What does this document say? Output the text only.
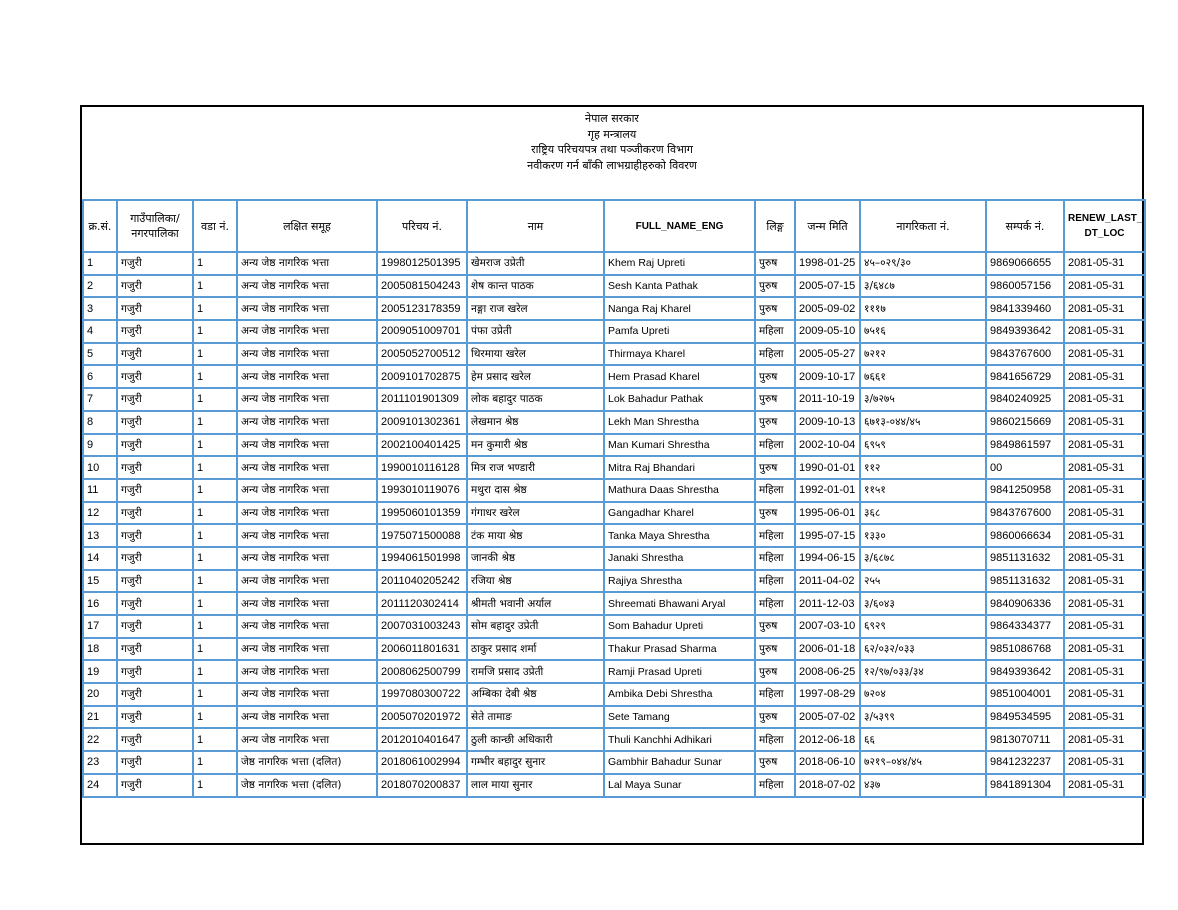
नेपाल सरकार
गृह मन्त्रालय
राष्ट्रिय परिचयपत्र तथा पञ्जीकरण विभाग
नवीकरण गर्न बाँकी लाभग्राहीहरुको विवरण
क्र.सं.	गाउँपालिका/ नगरपालिका	वडा नं.	लक्षित समूह	परिचय नं.	नाम	FULL_NAME_ENG	लिङ्ग	जन्म मिति	नागरिकता नं.	सम्पर्क नं.	RENEW_LAST_ DT_LOC
1	गजुरी	1	अन्य जेष्ठ नागरिक भत्ता	1998012501395	खेमराज उप्रेती	Khem Raj Upreti	पुरुष	1998-01-25	४५–०२९/३०	9869066655	2081-05-31
2	गजुरी	1	अन्य जेष्ठ नागरिक भत्ता	2005081504243	शेष कान्त पाठक	Sesh Kanta Pathak	पुरुष	2005-07-15	३/६४८७	9860057156	2081-05-31
3	गजुरी	1	अन्य जेष्ठ नागरिक भत्ता	2005123178359	नङ्गा राज खरेल	Nanga Raj Kharel	पुरुष	2005-09-02	१११७	9841339460	2081-05-31
4	गजुरी	1	अन्य जेष्ठ नागरिक भत्ता	2009051009701	पंफा उप्रेती	Pamfa Upreti	महिला	2009-05-10	७५१६	9849393642	2081-05-31
5	गजुरी	1	अन्य जेष्ठ नागरिक भत्ता	2005052700512	थिरमाया खरेल	Thirmaya Kharel	महिला	2005-05-27	७२१२	9843767600	2081-05-31
6	गजुरी	1	अन्य जेष्ठ नागरिक भत्ता	2009101702875	हेम प्रसाद खरेल	Hem Prasad Kharel	पुरुष	2009-10-17	७६६१	9841656729	2081-05-31
7	गजुरी	1	अन्य जेष्ठ नागरिक भत्ता	2011101901309	लोक बहादुर पाठक	Lok Bahadur Pathak	पुरुष	2011-10-19	३/७२७५	9840240925	2081-05-31
8	गजुरी	1	अन्य जेष्ठ नागरिक भत्ता	2009101302361	लेखमान श्रेष्ठ	Lekh Man Shrestha	पुरुष	2009-10-13	६७१३-०४४/४५	9860215669	2081-05-31
9	गजुरी	1	अन्य जेष्ठ नागरिक भत्ता	2002100401425	मन कुमारी श्रेष्ठ	Man Kumari Shrestha	महिला	2002-10-04	६९५९	9849861597	2081-05-31
10	गजुरी	1	अन्य जेष्ठ नागरिक भत्ता	1990010116128	मित्र राज भण्डारी	Mitra Raj Bhandari	पुरुष	1990-01-01	११२	00	2081-05-31
11	गजुरी	1	अन्य जेष्ठ नागरिक भत्ता	1993010119076	मथुरा दास श्रेष्ठ	Mathura Daas Shrestha	महिला	1992-01-01	११५१	9841250958	2081-05-31
12	गजुरी	1	अन्य जेष्ठ नागरिक भत्ता	1995060101359	गंगाधर खरेल	Gangadhar Kharel	पुरुष	1995-06-01	३६८	9843767600	2081-05-31
13	गजुरी	1	अन्य जेष्ठ नागरिक भत्ता	1975071500088	टंक माया श्रेष्ठ	Tanka Maya Shrestha	महिला	1995-07-15	१३३०	9860066634	2081-05-31
14	गजुरी	1	अन्य जेष्ठ नागरिक भत्ता	1994061501998	जानकी श्रेष्ठ	Janaki Shrestha	महिला	1994-06-15	३/६८७८	9851131632	2081-05-31
15	गजुरी	1	अन्य जेष्ठ नागरिक भत्ता	2011040205242	रजिया श्रेष्ठ	Rajiya Shrestha	महिला	2011-04-02	२५५	9851131632	2081-05-31
16	गजुरी	1	अन्य जेष्ठ नागरिक भत्ता	2011120302414	श्रीमती भवानी अर्याल	Shreemati Bhawani Aryal	महिला	2011-12-03	३/६०४३	9840906336	2081-05-31
17	गजुरी	1	अन्य जेष्ठ नागरिक भत्ता	2007031003243	सोम बहादुर उप्रेती	Som Bahadur Upreti	पुरुष	2007-03-10	६९२९	9864334377	2081-05-31
18	गजुरी	1	अन्य जेष्ठ नागरिक भत्ता	2006011801631	ठाकुर प्रसाद शर्मा	Thakur Prasad Sharma	पुरुष	2006-01-18	६२/०३२/०३३	9851086768	2081-05-31
19	गजुरी	1	अन्य जेष्ठ नागरिक भत्ता	2008062500799	रामजि प्रसाद उप्रेती	Ramji Prasad Upreti	पुरुष	2008-06-25	१२/९७/०३३/३४	9849393642	2081-05-31
20	गजुरी	1	अन्य जेष्ठ नागरिक भत्ता	1997080300722	अम्बिका देबी श्रेष्ठ	Ambika Debi Shrestha	महिला	1997-08-29	७२०४	9851004001	2081-05-31
21	गजुरी	1	अन्य जेष्ठ नागरिक भत्ता	2005070201972	सेते तामाङ	Sete Tamang	पुरुष	2005-07-02	३/५३९९	9849534595	2081-05-31
22	गजुरी	1	अन्य जेष्ठ नागरिक भत्ता	2012010401647	ठुली कान्छी अधिकारी	Thuli Kanchhi Adhikari	महिला	2012-06-18	६६	9813070711	2081-05-31
23	गजुरी	1	जेष्ठ नागरिक भत्ता (दलित)	2018061002994	गम्भीर बहादुर सुनार	Gambhir Bahadur Sunar	पुरुष	2018-06-10	७२१९–०४४/४५	9841232237	2081-05-31
24	गजुरी	1	जेष्ठ नागरिक भत्ता (दलित)	2018070200837	लाल माया सुनार	Lal Maya Sunar	महिला	2018-07-02	४३७	9841891304	2081-05-31
